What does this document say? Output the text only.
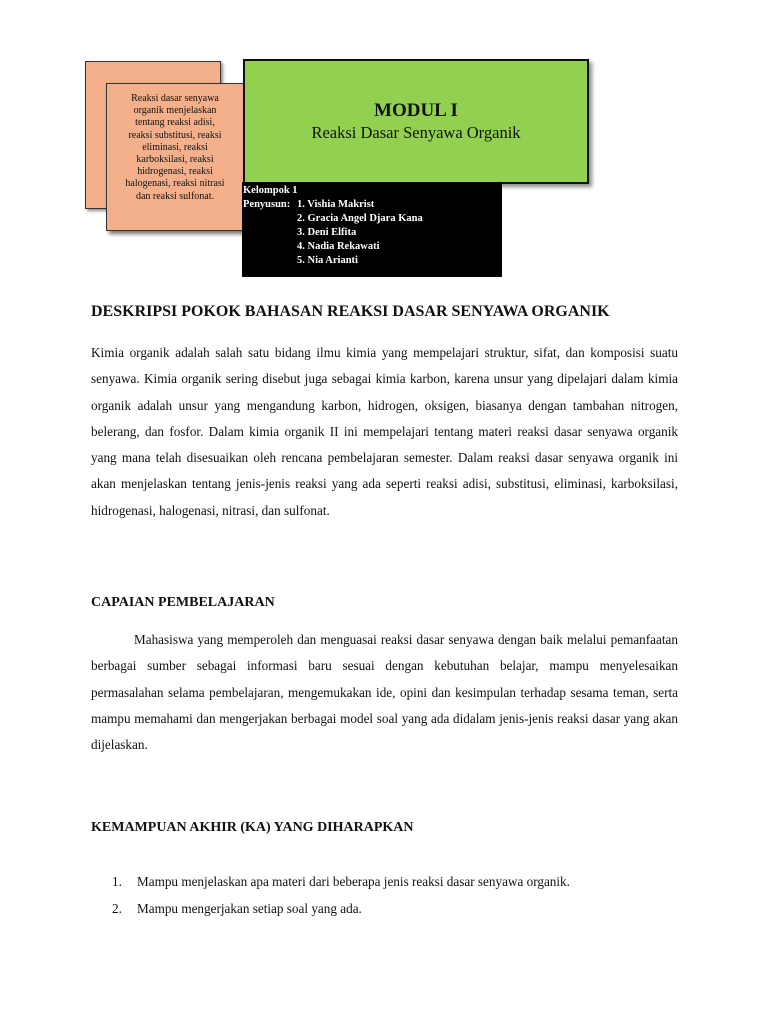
Reaksi dasar senyawa
organik menjelaskan
tentang reaksi adisi,
reaksi substitusi, reaksi
eliminasi, reaksi
karboksilasi, reaksi
hidrogenasi, reaksi
halogenasi, reaksi nitrasi
dan reaksi sulfonat.
MODUL I
Reaksi Dasar Senyawa Organik
Kelompok 1
Penyusun: 1. Vishia Makrist
2. Gracia Angel Djara Kana
3. Deni Elfita
4. Nadia Rekawati
5. Nia Arianti
DESKRIPSI POKOK BAHASAN REAKSI DASAR SENYAWA ORGANIK

Kimia organik adalah salah satu bidang ilmu kimia yang mempelajari struktur, sifat, dan komposisi suatu senyawa. Kimia organik sering disebut juga sebagai kimia karbon, karena unsur yang dipelajari dalam kimia organik adalah unsur yang mengandung karbon, hidrogen, oksigen, biasanya dengan tambahan nitrogen, belerang, dan fosfor. Dalam kimia organik II ini mempelajari tentang materi reaksi dasar senyawa organik yang mana telah disesuaikan oleh rencana pembelajaran semester. Dalam reaksi dasar senyawa organik ini akan menjelaskan tentang jenis-jenis reaksi yang ada seperti reaksi adisi, substitusi, eliminasi, karboksilasi, hidrogenasi, halogenasi, nitrasi, dan sulfonat.

CAPAIAN PEMBELAJARAN

Mahasiswa yang memperoleh dan menguasai reaksi dasar senyawa dengan baik melalui pemanfaatan berbagai sumber sebagai informasi baru sesuai dengan kebutuhan belajar, mampu menyelesaikan permasalahan selama pembelajaran, mengemukakan ide, opini dan kesimpulan terhadap sesama teman, serta mampu memahami dan mengerjakan berbagai model soal yang ada didalam jenis-jenis reaksi dasar yang akan dijelaskan.

KEMAMPUAN AKHIR (KA) YANG DIHARAPKAN
1. Mampu menjelaskan apa materi dari beberapa jenis reaksi dasar senyawa organik.
2. Mampu mengerjakan setiap soal yang ada.
